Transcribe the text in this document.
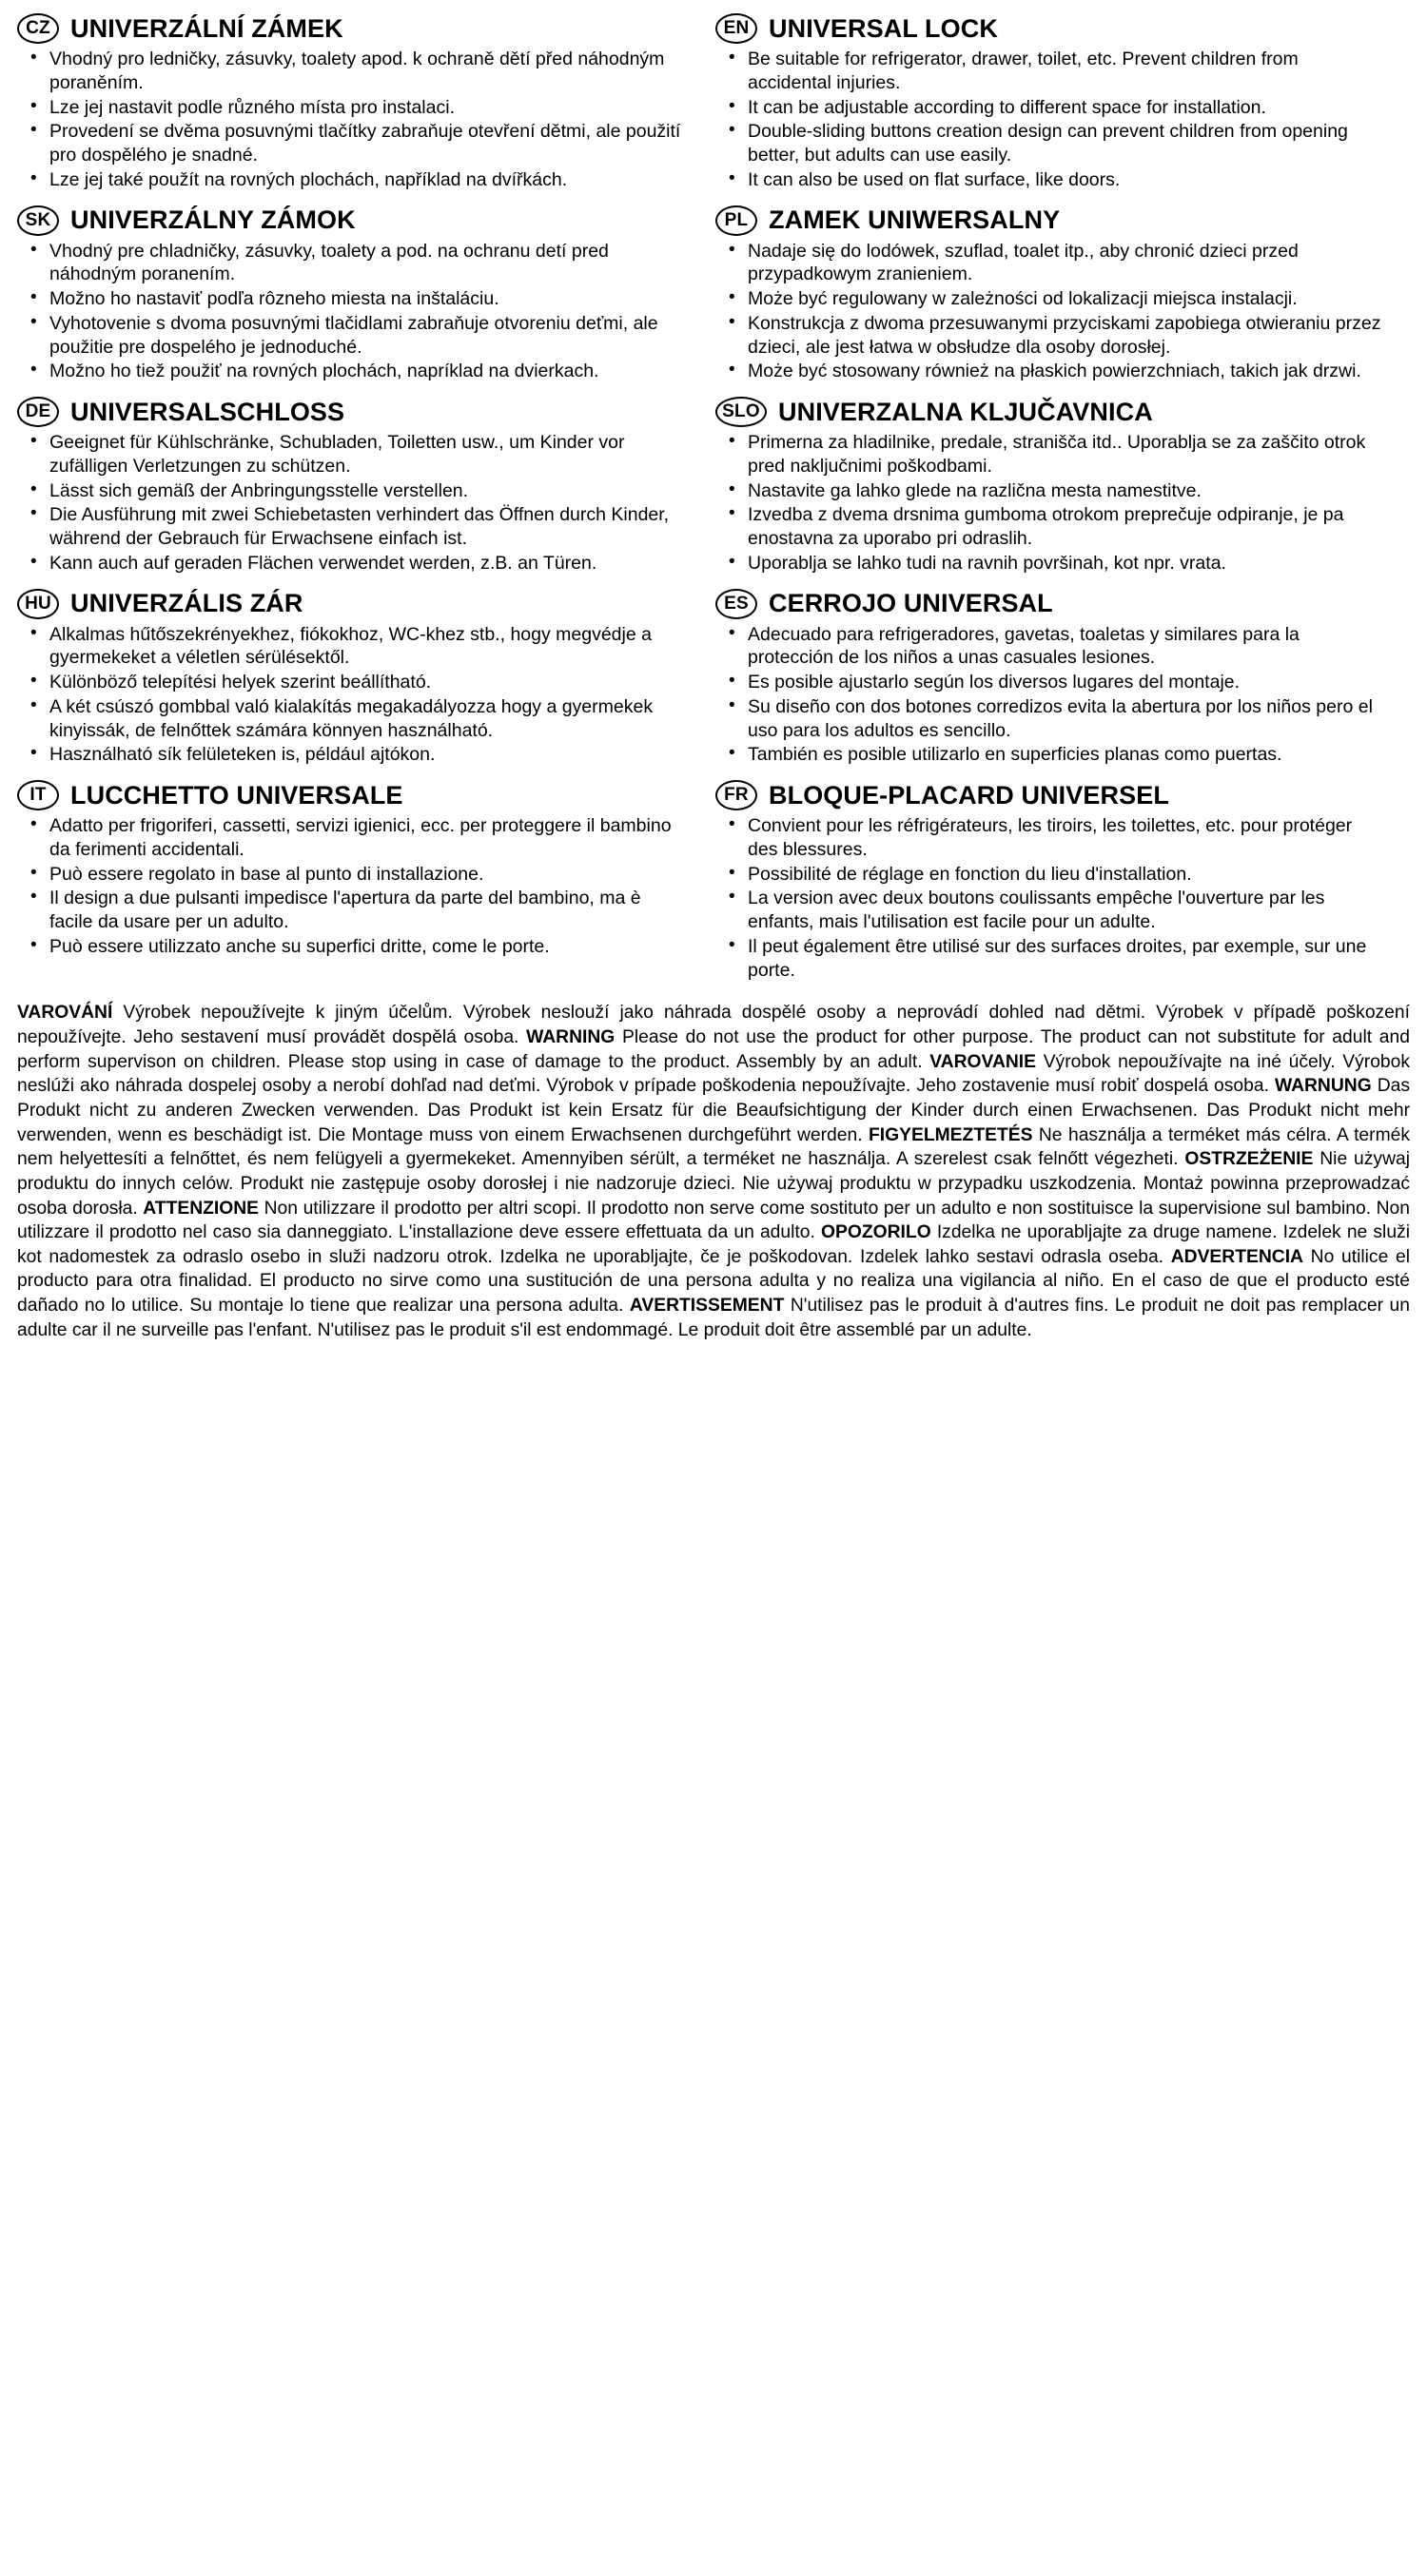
CZ UNIVERZÁLNÍ ZÁMEK
• Vhodný pro ledničky, zásuvky, toalety apod. k ochraně dětí před náhodným poraněním.
• Lze jej nastavit podle různého místa pro instalaci.
• Provedení se dvěma posuvnými tlačítky zabraňuje otevření dětmi, ale použití pro dospělého je snadné.
• Lze jej také použít na rovných plochách, například na dvířkách.
SK UNIVERZÁLNY ZÁMOK
• Vhodný pre chladničky, zásuvky, toalety a pod. na ochranu detí pred náhodným poranením.
• Možno ho nastaviť podľa rôzneho miesta na inštaláciu.
• Vyhotovenie s dvoma posuvnými tlačidlami zabraňuje otvoreniu deťmi, ale použitie pre dospelého je jednoduché.
• Možno ho tiež použiť na rovných plochách, napríklad na dvierkach.
DE UNIVERSALSCHLOSS
• Geeignet für Kühlschränke, Schubladen, Toiletten usw., um Kinder vor zufälligen Verletzungen zu schützen.
• Lässt sich gemäß der Anbringungsstelle verstellen.
• Die Ausführung mit zwei Schiebetasten verhindert das Öffnen durch Kinder, während der Gebrauch für Erwachsene einfach ist.
• Kann auch auf geraden Flächen verwendet werden, z.B. an Türen.
HU UNIVERZÁLIS ZÁR
• Alkalmas hűtőszekrényekhez, fiókokhoz, WC-khez stb., hogy megvédje a gyermekeket a véletlen sérülésektől.
• Különböző telepítési helyek szerint beállítható.
• A két csúszó gombbal való kialakítás megakadályozza hogy a gyermekek kinyissák, de felnőttek számára könnyen használható.
• Használható sík felületeken is, például ajtókon.
IT LUCCHETTO UNIVERSALE
• Adatto per frigoriferi, cassetti, servizi igienici, ecc. per proteggere il bambino da ferimenti accidentali.
• Può essere regolato in base al punto di installazione.
• Il design a due pulsanti impedisce l'apertura da parte del bambino, ma è facile da usare per un adulto.
• Può essere utilizzato anche su superfici dritte, come le porte.
EN UNIVERSAL LOCK
• Be suitable for refrigerator, drawer, toilet, etc. Prevent children from accidental injuries.
• It can be adjustable according to different space for installation.
• Double-sliding buttons creation design can prevent children from opening better, but adults can use easily.
• It can also be used on flat surface, like doors.
PL ZAMEK UNIWERSALNY
• Nadaje się do lodówek, szuflad, toalet itp., aby chronić dzieci przed przypadkowym zranieniem.
• Może być regulowany w zależności od lokalizacji miejsca instalacji.
• Konstrukcja z dwoma przesuwanymi przyciskami zapobiega otwieraniu przez dzieci, ale jest łatwa w obsłudze dla osoby dorosłej.
• Może być stosowany również na płaskich powierzchniach, takich jak drzwi.
SLO UNIVERZALNA KLJUČAVNICA
• Primerna za hladilnike, predale, stranišča itd.. Uporablja se za zaščito otrok pred naključnimi poškodbami.
• Nastavite ga lahko glede na različna mesta namestitve.
• Izvedba z dvema drsnima gumboma otrokom preprečuje odpiranje, je pa enostavna za uporabo pri odraslih.
• Uporablja se lahko tudi na ravnih površinah, kot npr. vrata.
ES CERROJO UNIVERSAL
• Adecuado para refrigeradores, gavetas, toaletas y similares para la protección de los niños a unas casuales lesiones.
• Es posible ajustarlo según los diversos lugares del montaje.
• Su diseño con dos botones corredizos evita la abertura por los niños pero el uso para los adultos es sencillo.
• También es posible utilizarlo en superficies planas como puertas.
FR BLOQUE-PLACARD UNIVERSEL
• Convient pour les réfrigérateurs, les tiroirs, les toilettes, etc. pour protéger des blessures.
• Possibilité de réglage en fonction du lieu d'installation.
• La version avec deux boutons coulissants empêche l'ouverture par les enfants, mais l'utilisation est facile pour un adulte.
• Il peut également être utilisé sur des surfaces droites, par exemple, sur une porte.
VAROVÁNÍ Výrobek nepoužívejte k jiným účelům. Výrobek neslouží jako náhrada dospělé osoby a neprovádí dohled nad dětmi. Výrobek v případě poškození nepoužívejte. Jeho sestavení musí provádět dospělá osoba. WARNING Please do not use the product for other purpose. The product can not substitute for adult and perform supervison on children. Please stop using in case of damage to the product. Assembly by an adult. VAROVANIE Výrobok nepoužívajte na iné účely. Výrobok neslúži ako náhrada dospelej osoby a nerobí dohľad nad deťmi. Výrobok v prípade poškodenia nepoužívajte. Jeho zostavenie musí robiť dospelá osoba. WARNUNG Das Produkt nicht zu anderen Zwecken verwenden. Das Produkt ist kein Ersatz für die Beaufsichtigung der Kinder durch einen Erwachsenen. Das Produkt nicht mehr verwenden, wenn es beschädigt ist. Die Montage muss von einem Erwachsenen durchgeführt werden. FIGYELMEZTETÉS Ne használja a terméket más célra. A termék nem helyettesíti a felnőttet, és nem felügyeli a gyermekeket. Amennyiben sérült, a terméket ne használja. A szerelest csak felnőtt végezheti. OSTRZEŻENIE Nie używaj produktu do innych celów. Produkt nie zastępuje osoby dorosłej i nie nadzoruje dzieci. Nie używaj produktu w przypadku uszkodzenia. Montaż powinna przeprowadzać osoba dorosła. ATTENZIONE Non utilizzare il prodotto per altri scopi. Il prodotto non serve come sostituto per un adulto e non sostituisce la supervisione sul bambino. Non utilizzare il prodotto nel caso sia danneggiato. L'installazione deve essere effettuata da un adulto. OPOZORILO Izdelka ne uporabljajte za druge namene. Izdelek ne služi kot nadomestek za odraslo osebo in služi nadzoru otrok. Izdelka ne uporabljajte, če je poškodovan. Izdelek lahko sestavi odrasla oseba. ADVERTENCIA No utilice el producto para otra finalidad. El producto no sirve como una sustitución de una persona adulta y no realiza una vigilancia al niño. En el caso de que el producto esté dañado no lo utilice. Su montaje lo tiene que realizar una persona adulta. AVERTISSEMENT N'utilisez pas le produit à d'autres fins. Le produit ne doit pas remplacer un adulte car il ne surveille pas l'enfant. N'utilisez pas le produit s'il est endommagé. Le produit doit être assemblé par un adulte.
